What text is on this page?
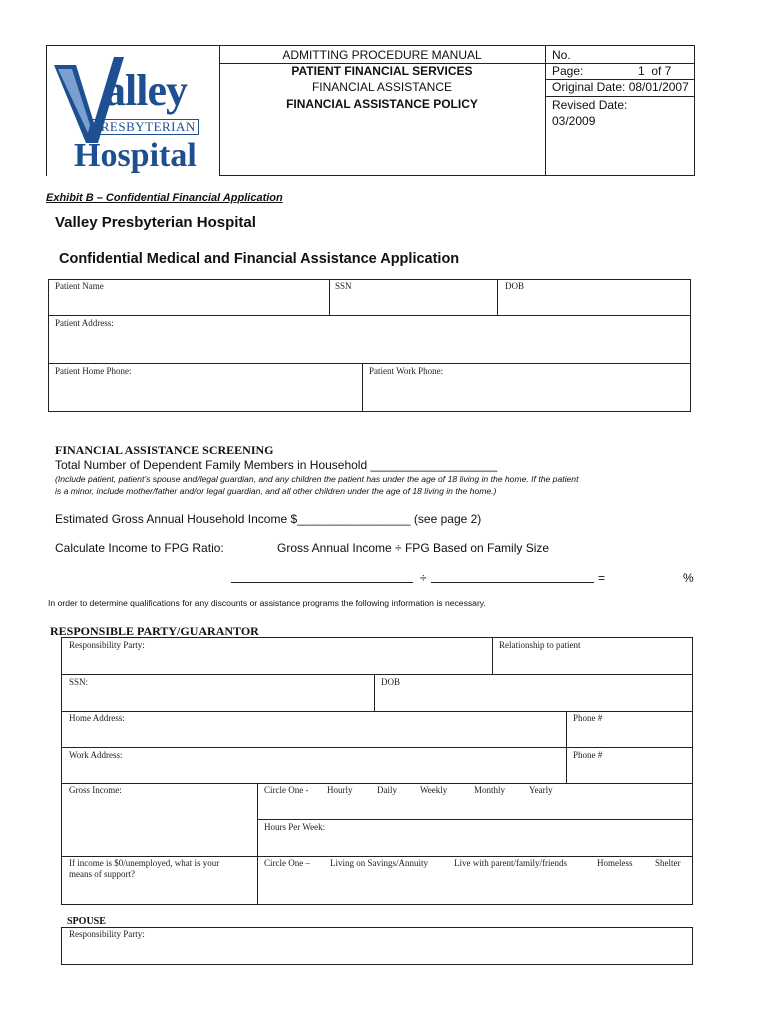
alley
PRESBYTERIAN
Hospital
ADMITTING PROCEDURE MANUAL
PATIENT FINANCIAL SERVICES
FINANCIAL ASSISTANCE
FINANCIAL ASSISTANCE POLICY
No.
Page:	1  of 7
Original Date: 08/01/2007
Revised Date:
03/2009
Exhibit B – Confidential Financial Application
Valley Presbyterian Hospital
Confidential Medical and Financial Assistance Application
Patient Name	SSN	DOB
Patient Address:
Patient Home Phone:	Patient Work Phone:
FINANCIAL ASSISTANCE SCREENING
Total Number of Dependent Family Members in Household ___________________
(Include patient, patient’s spouse and/legal guardian, and any children the patient has under the age of 18 living in the home. If the patient
is a minor, include mother/father and/or legal guardian, and all other children under the age of 18 living in the home.)
Estimated Gross Annual Household Income $_________________ (see page 2)
Calculate Income to FPG Ratio:	Gross Annual Income ÷ FPG Based on Family Size
÷	=	%
In order to determine qualifications for any discounts or assistance programs the following information is necessary.
RESPONSIBLE PARTY/GUARANTOR
Responsibility Party:	Relationship to patient
SSN:	DOB
Home Address:	Phone #
Work Address:	Phone #
Gross Income:	Circle One - Hourly	Daily	Weekly	Monthly	Yearly
Hours Per Week:
If income is $0/unemployed, what is your
means of support?
Circle One – Living on Savings/Annuity	Live with parent/family/friends	Homeless	Shelter
SPOUSE
Responsibility Party:
